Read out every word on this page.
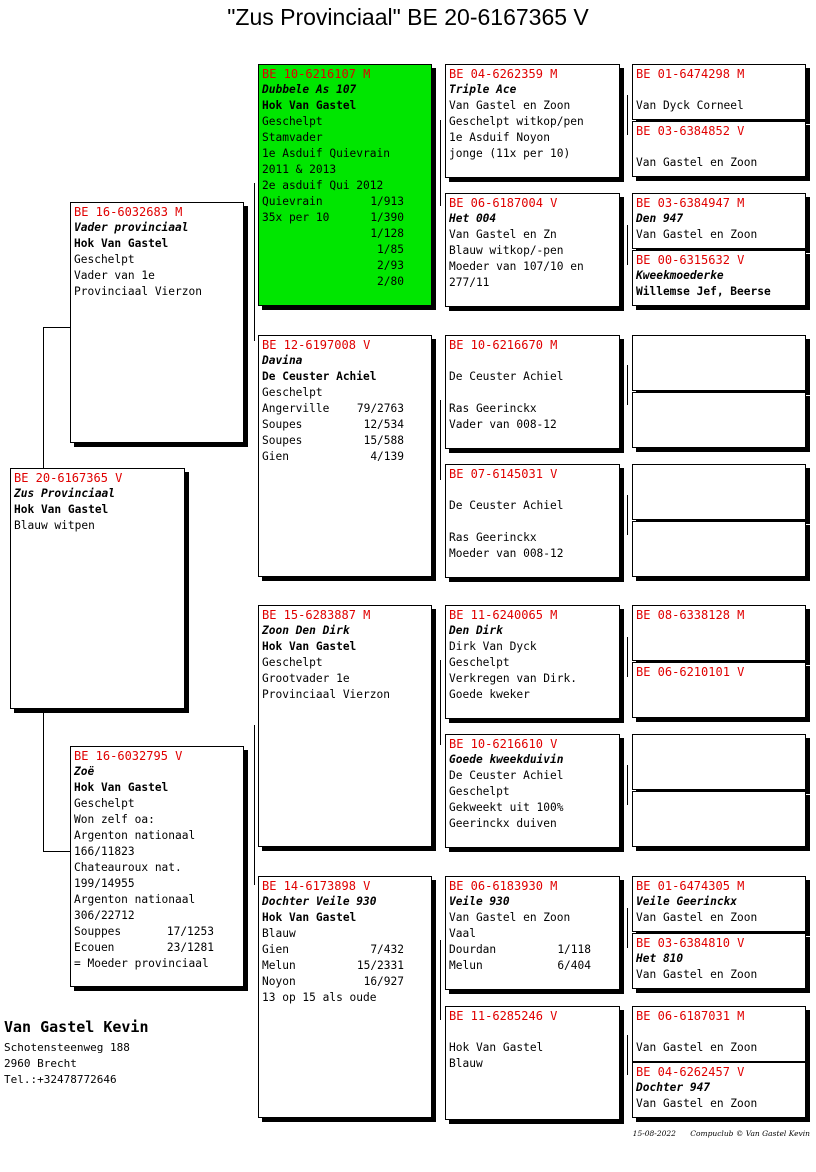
"Zus Provinciaal" BE 20-6167365 V
BE 20-6167365 V
Zus Provinciaal
Hok Van Gastel
Blauw witpen
BE 16-6032683 M
Vader provinciaal
Hok Van Gastel
Geschelpt
Vader van 1e
Provinciaal Vierzon
BE 16-6032795 V
Zoë
Hok Van Gastel
Geschelpt
Won zelf oa:
Argenton nationaal
166/11823
Chateauroux nat.
199/14955
Argenton nationaal
306/22712
Souppes	17/1253
Ecouen	23/1281
= Moeder provinciaal
BE 10-6216107 M
Dubbele As 107
Hok Van Gastel
Geschelpt
Stamvader
1e Asduif Quievrain
2011 & 2013
2e asduif Qui 2012
Quievrain	1/913
35x per 10	1/390
1/128
1/85
2/93
2/80
BE 12-6197008 V
Davina
De Ceuster Achiel
Geschelpt
Angerville 79/2763
Soupes	12/534
Soupes	15/588
Gien	4/139
BE 15-6283887 M
Zoon Den Dirk
Hok Van Gastel
Geschelpt
Grootvader 1e
Provinciaal Vierzon
BE 14-6173898 V
Dochter Veile 930
Hok Van Gastel
Blauw
Gien	7/432
Melun	15/2331
Noyon	16/927
13 op 15 als oude
BE 04-6262359 M
Triple Ace
Van Gastel en Zoon
Geschelpt witkop/pen
1e Asduif Noyon
jonge (11x per 10)
BE 06-6187004 V
Het 004
Van Gastel en Zn
Blauw witkop/-pen
Moeder van 107/10 en
277/11
BE 10-6216670 M
De Ceuster Achiel
Ras Geerinckx
Vader van 008-12
BE 07-6145031 V
De Ceuster Achiel
Ras Geerinckx
Moeder van 008-12
BE 11-6240065 M
Den Dirk
Dirk Van Dyck
Geschelpt
Verkregen van Dirk.
Goede kweker
BE 10-6216610 V
Goede kweekduivin
De Ceuster Achiel
Geschelpt
Gekweekt uit 100%
Geerinckx duiven
BE 06-6183930 M
Veile 930
Van Gastel en Zoon
Vaal
Dourdan	1/118
Melun	6/404
BE 11-6285246 V
Hok Van Gastel
Blauw
BE 01-6474298 M
Van Dyck Corneel
BE 03-6384852 V
Van Gastel en Zoon
BE 03-6384947 M
Den 947
Van Gastel en Zoon
BE 00-6315632 V
Kweekmoederke
Willemse Jef, Beerse
BE 08-6338128 M
BE 06-6210101 V
BE 01-6474305 M
Veile Geerinckx
Van Gastel en Zoon
BE 03-6384810 V
Het 810
Van Gastel en Zoon
BE 06-6187031 M
Van Gastel en Zoon
BE 04-6262457 V
Dochter 947
Van Gastel en Zoon
Van Gastel Kevin
Schotensteenweg 188
2960 Brecht
Tel.:+32478772646
15-08-2022 Compuclub © Van Gastel Kevin
